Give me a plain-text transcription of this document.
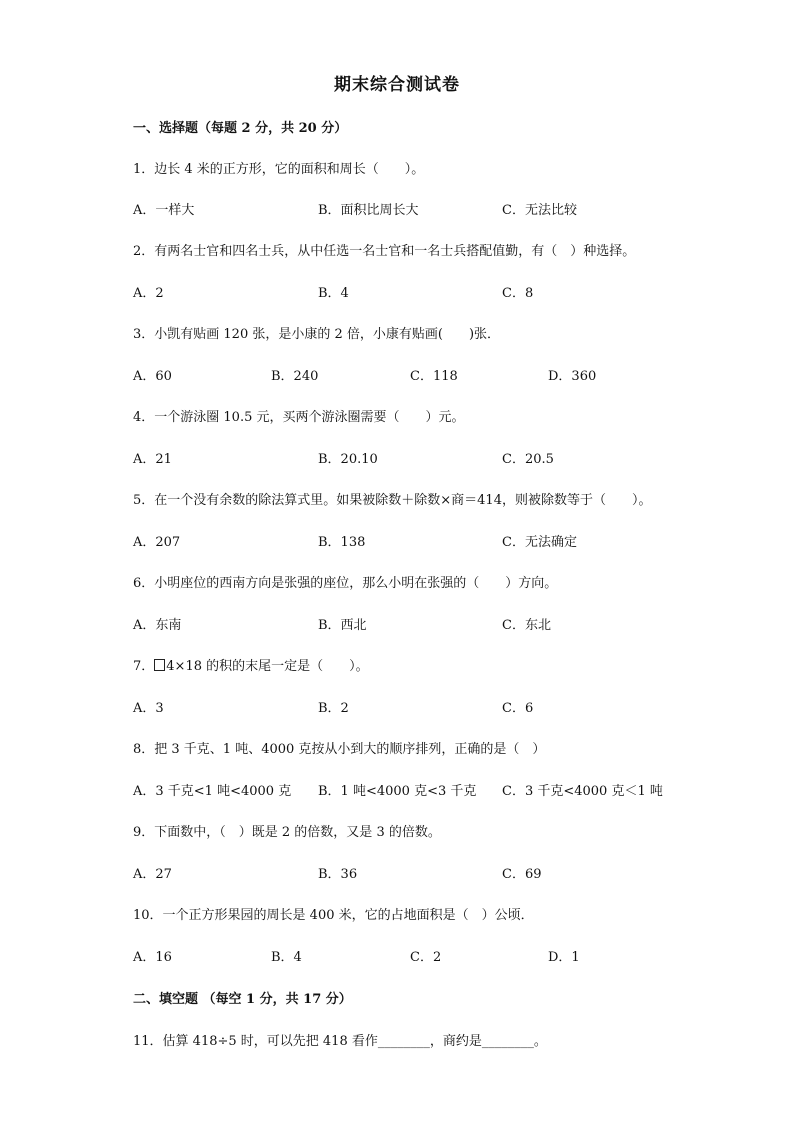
期末综合测试卷
一、选择题（每题 2 分，共 20 分）
1．边长 4 米的正方形，它的面积和周长（　　）。
A．一样大	B．面积比周长大	C．无法比较
2．有两名士官和四名士兵，从中任选一名士官和一名士兵搭配值勤，有（　）种选择。
A．2	B．4	C．8
3．小凯有贴画 120 张，是小康的 2 倍，小康有贴画(　　)张．
A．60	B．240	C．118	D．360
4．一个游泳圈 10.5 元，买两个游泳圈需要（　　）元。
A．21	B．20.10	C．20.5
5．在一个没有余数的除法算式里。如果被除数＋除数×商＝414，则被除数等于（　　）。
A．207	B．138	C．无法确定
6．小明座位的西南方向是张强的座位，那么小明在张强的（　　）方向。
A．东南	B．西北	C．东北
7． 4×18 的积的末尾一定是（　　）。
A．3	B．2	C．6
8．把 3 千克、1 吨、4000 克按从小到大的顺序排列，正确的是（　）
A．3 千克<1 吨<4000 克 B．1 吨<4000 克<3 千克 C．3 千克<4000 克＜1 吨
9．下面数中，（　）既是 2 的倍数，又是 3 的倍数。
A．27	B．36	C．69
10．一个正方形果园的周长是 400 米，它的占地面积是（　）公顷．
A．16	B．4	C．2	D．1
二、填空题 （每空 1 分，共 17 分）
11．估算 418÷5 时，可以先把 418 看作________，商约是________。
